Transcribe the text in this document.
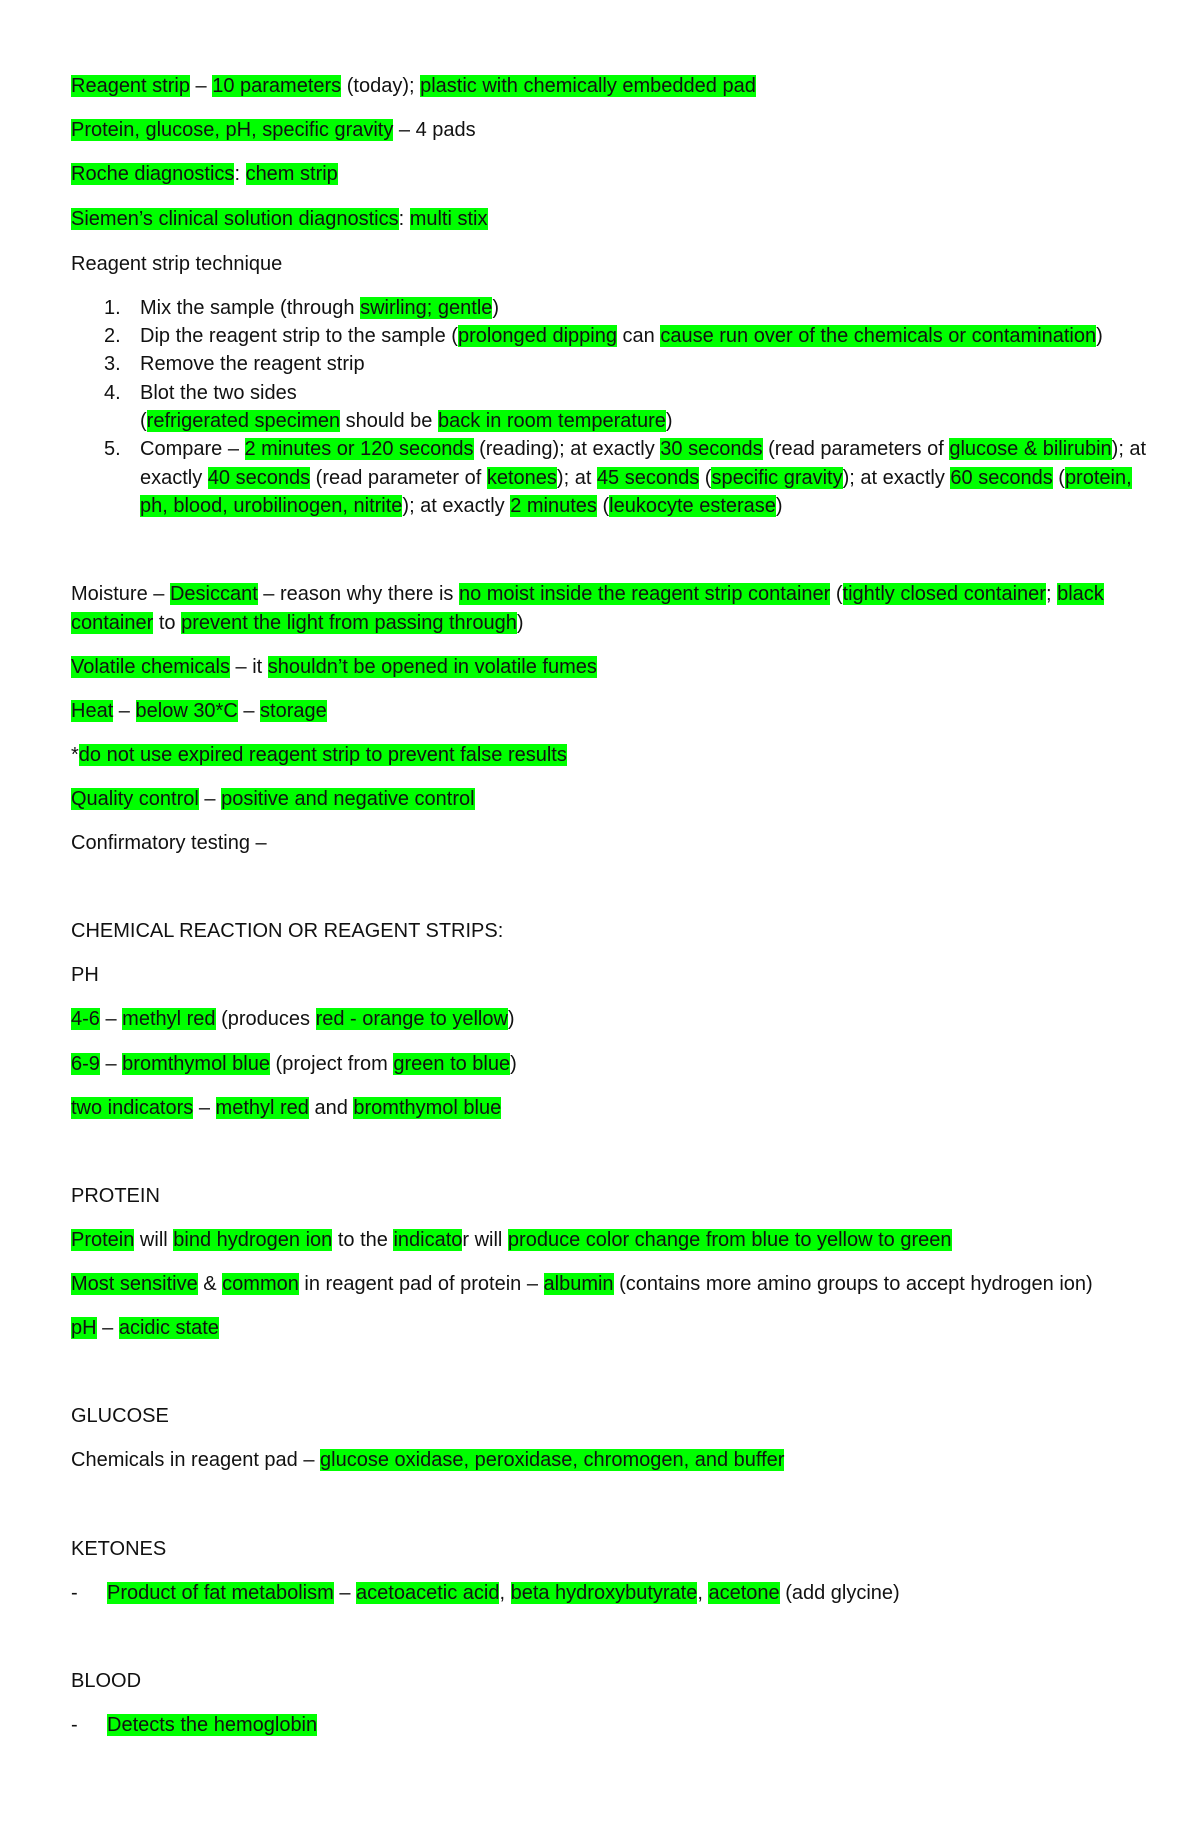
Reagent strip – 10 parameters (today); plastic with chemically embedded pad
Protein, glucose, pH, specific gravity – 4 pads
Roche diagnostics: chem strip
Siemen’s clinical solution diagnostics: multi stix
Reagent strip technique
1. Mix the sample (through swirling; gentle)
2. Dip the reagent strip to the sample (prolonged dipping can cause run over of the chemicals or contamination)
3. Remove the reagent strip
4. Blot the two sides
(refrigerated specimen should be back in room temperature)
5. Compare – 2 minutes or 120 seconds (reading); at exactly 30 seconds (read parameters of glucose & bilirubin); at
exactly 40 seconds (read parameter of ketones); at 45 seconds (specific gravity); at exactly 60 seconds (protein,
ph, blood, urobilinogen, nitrite); at exactly 2 minutes (leukocyte esterase)
Moisture – Desiccant – reason why there is no moist inside the reagent strip container (tightly closed container; black
container to prevent the light from passing through)
Volatile chemicals – it shouldn’t be opened in volatile fumes
Heat – below 30*C – storage
*do not use expired reagent strip to prevent false results
Quality control – positive and negative control
Confirmatory testing –
CHEMICAL REACTION OR REAGENT STRIPS:
PH
4-6 – methyl red (produces red - orange to yellow)
6-9 – bromthymol blue (project from green to blue)
two indicators – methyl red and bromthymol blue
PROTEIN
Protein will bind hydrogen ion to the indicator will produce color change from blue to yellow to green
Most sensitive & common in reagent pad of protein – albumin (contains more amino groups to accept hydrogen ion)
pH – acidic state
GLUCOSE
Chemicals in reagent pad – glucose oxidase, peroxidase, chromogen, and buffer
KETONES
- Product of fat metabolism – acetoacetic acid, beta hydroxybutyrate, acetone (add glycine)
BLOOD
- Detects the hemoglobin
